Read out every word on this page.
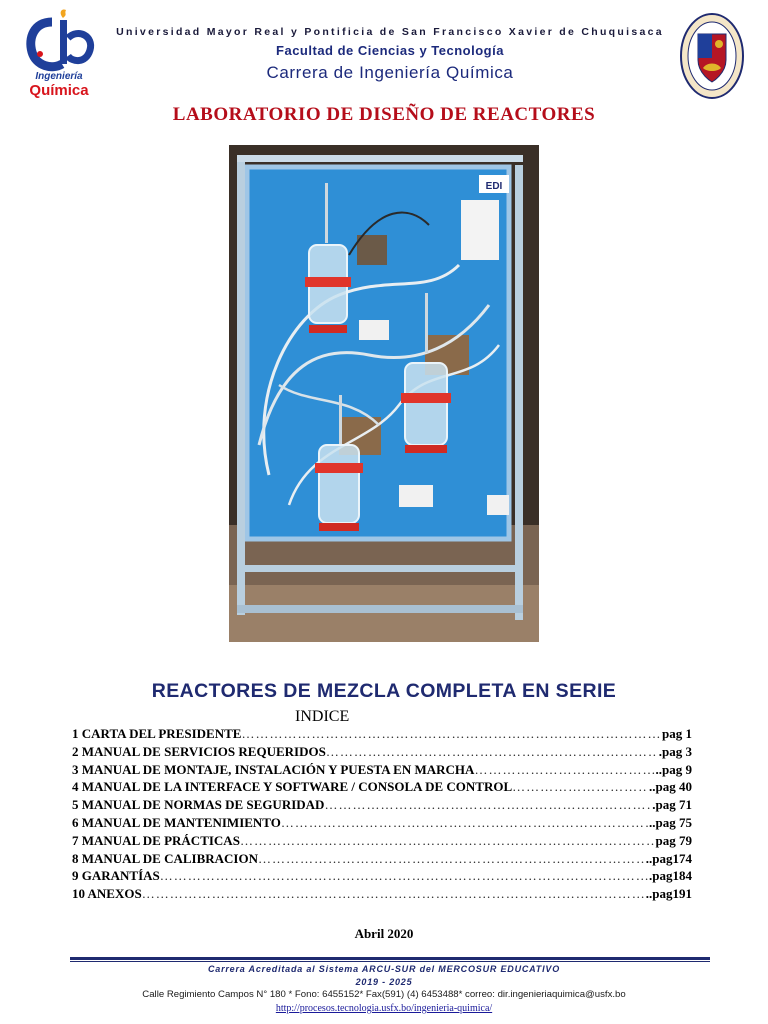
Ingeniería
Química
Universidad Mayor Real y Pontificia de San Francisco Xavier de Chuquisaca
Facultad de Ciencias y Tecnología
Carrera de Ingeniería Química
LABORATORIO DE DISEÑO DE REACTORES
EDI
REACTORES DE MEZCLA COMPLETA EN SERIE
INDICE
1 CARTA DEL PRESIDENTE ……………………………………………………………………………………………………………………………………………………………	pag 1
2 MANUAL DE SERVICIOS REQUERIDOS ……………………………………………………………………………………………………………………………………………………………	.pag 3
3 MANUAL DE MONTAJE, INSTALACIÓN Y PUESTA EN MARCHA ……………………………………………………………………………………………………………………………………………………………	..pag 9
4 MANUAL DE LA INTERFACE Y SOFTWARE / CONSOLA DE CONTROL ……………………………………………………………………………………………………………………………………………………………	..pag 40
5 MANUAL DE NORMAS DE SEGURIDAD ……………………………………………………………………………………………………………………………………………………………	.pag 71
6 MANUAL DE MANTENIMIENTO ……………………………………………………………………………………………………………………………………………………………	..pag 75
7 MANUAL DE PRÁCTICAS ……………………………………………………………………………………………………………………………………………………………	pag 79
8 MANUAL DE CALIBRACION ……………………………………………………………………………………………………………………………………………………………	..pag174
9 GARANTÍAS ……………………………………………………………………………………………………………………………………………………………	.pag184
10 ANEXOS ……………………………………………………………………………………………………………………………………………………………	..pag191
Abril 2020
Carrera Acreditada al Sistema ARCU-SUR del MERCOSUR EDUCATIVO
2019 - 2025
Calle Regimiento Campos N° 180 * Fono: 6455152* Fax(591) (4) 6453488* correo: dir.ingenieriaquimica@usfx.bo
http://procesos.tecnologia.usfx.bo/ingenieria-quimica/
